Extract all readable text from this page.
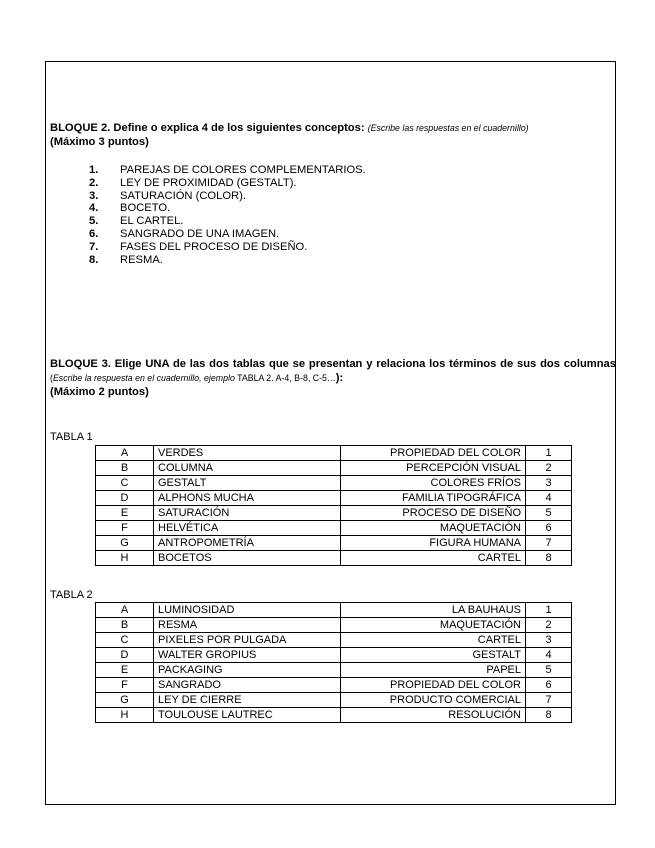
BLOQUE 2. Define o explica 4 de los siguientes conceptos: (Escribe las respuestas en el cuadernillo)
(Máximo 3 puntos)
1.	PAREJAS DE COLORES COMPLEMENTARIOS.
2.	LEY DE PROXIMIDAD (GESTALT).
3.	SATURACIÓN (COLOR).
4.	BOCETO.
5.	EL CARTEL.
6.	SANGRADO DE UNA IMAGEN.
7.	FASES DEL PROCESO DE DISEÑO.
8.	RESMA.
BLOQUE 3. Elige UNA de las dos tablas que se presentan y relaciona los términos de sus dos columnas (Escribe la respuesta en el cuadernillo, ejemplo TABLA 2. A-4, B-8, C-5…):
(Máximo 2 puntos)
TABLA 1
A	VERDES	PROPIEDAD DEL COLOR	1
B	COLUMNA	PERCEPCIÓN VISUAL	2
C	GESTALT	COLORES FRÍOS	3
D	ALPHONS MUCHA	FAMILIA TIPOGRÁFICA	4
E	SATURACIÓN	PROCESO DE DISEÑO	5
F	HELVÉTICA	MAQUETACIÓN	6
G	ANTROPOMETRÍA	FIGURA HUMANA	7
H	BOCETOS	CARTEL	8
TABLA 2
A	LUMINOSIDAD	LA BAUHAUS	1
B	RESMA	MAQUETACIÓN	2
C	PIXELES POR PULGADA	CARTEL	3
D	WALTER GROPIUS	GESTALT	4
E	PACKAGING	PAPEL	5
F	SANGRADO	PROPIEDAD DEL COLOR	6
G	LEY DE CIERRE	PRODUCTO COMERCIAL	7
H	TOULOUSE LAUTREC	RESOLUCIÓN	8
